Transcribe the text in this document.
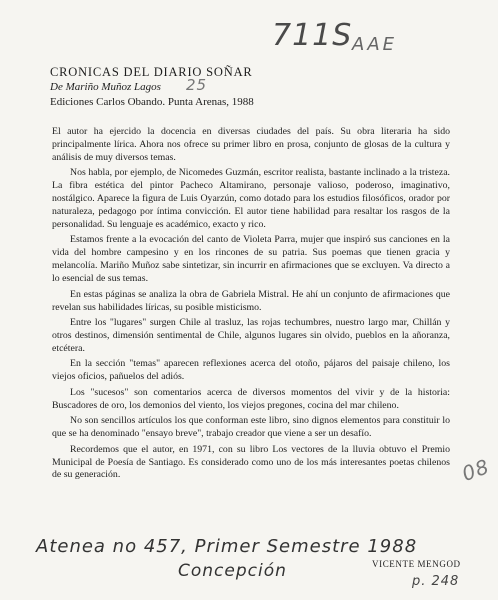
711S AAE
25
08
CRONICAS DEL DIARIO SOÑAR
De Mariño Muñoz Lagos
Ediciones Carlos Obando. Punta Arenas, 1988

El autor ha ejercido la docencia en diversas ciudades del país. Su obra literaria ha sido principalmente lírica. Ahora nos ofrece su primer libro en prosa, conjunto de glosas de la cultura y análisis de muy diversos temas.

Nos habla, por ejemplo, de Nicomedes Guzmán, escritor realista, bastante inclinado a la tristeza. La fibra estética del pintor Pacheco Altamirano, personaje valioso, poderoso, imaginativo, nostálgico. Aparece la figura de Luis Oyarzún, como dotado para los estudios filosóficos, orador por naturaleza, pedagogo por íntima convicción. El autor tiene habilidad para resaltar los rasgos de la personalidad. Su lenguaje es académico, exacto y rico.

Estamos frente a la evocación del canto de Violeta Parra, mujer que inspiró sus canciones en la vida del hombre campesino y en los rincones de su patria. Sus poemas que tienen gracia y melancolía. Mariño Muñoz sabe sintetizar, sin incurrir en afirmaciones que se excluyen. Va directo a lo esencial de sus temas.

En estas páginas se analiza la obra de Gabriela Mistral. He ahí un conjunto de afirmaciones que revelan sus habilidades líricas, su posible misticismo.

Entre los "lugares" surgen Chile al trasluz, las rojas techumbres, nuestro largo mar, Chillán y otros destinos, dimensión sentimental de Chile, algunos lugares sin olvido, pueblos en la añoranza, etcétera.

En la sección "temas" aparecen reflexiones acerca del otoño, pájaros del paisaje chileno, los viejos oficios, pañuelos del adiós.

Los "sucesos" son comentarios acerca de diversos momentos del vivir y de la historia: Buscadores de oro, los demonios del viento, los viejos pregones, cocina del mar chileno.

No son sencillos artículos los que conforman este libro, sino dignos elementos para constituir lo que se ha denominado "ensayo breve", trabajo creador que viene a ser un desafío.

Recordemos que el autor, en 1971, con su libro Los vectores de la lluvia obtuvo el Premio Municipal de Poesía de Santiago. Es considerado como uno de los más interesantes poetas chilenos de su generación.

Atenea no 457, Primer Semestre 1988
Concepción	VICENTE MENGOD
p. 248
